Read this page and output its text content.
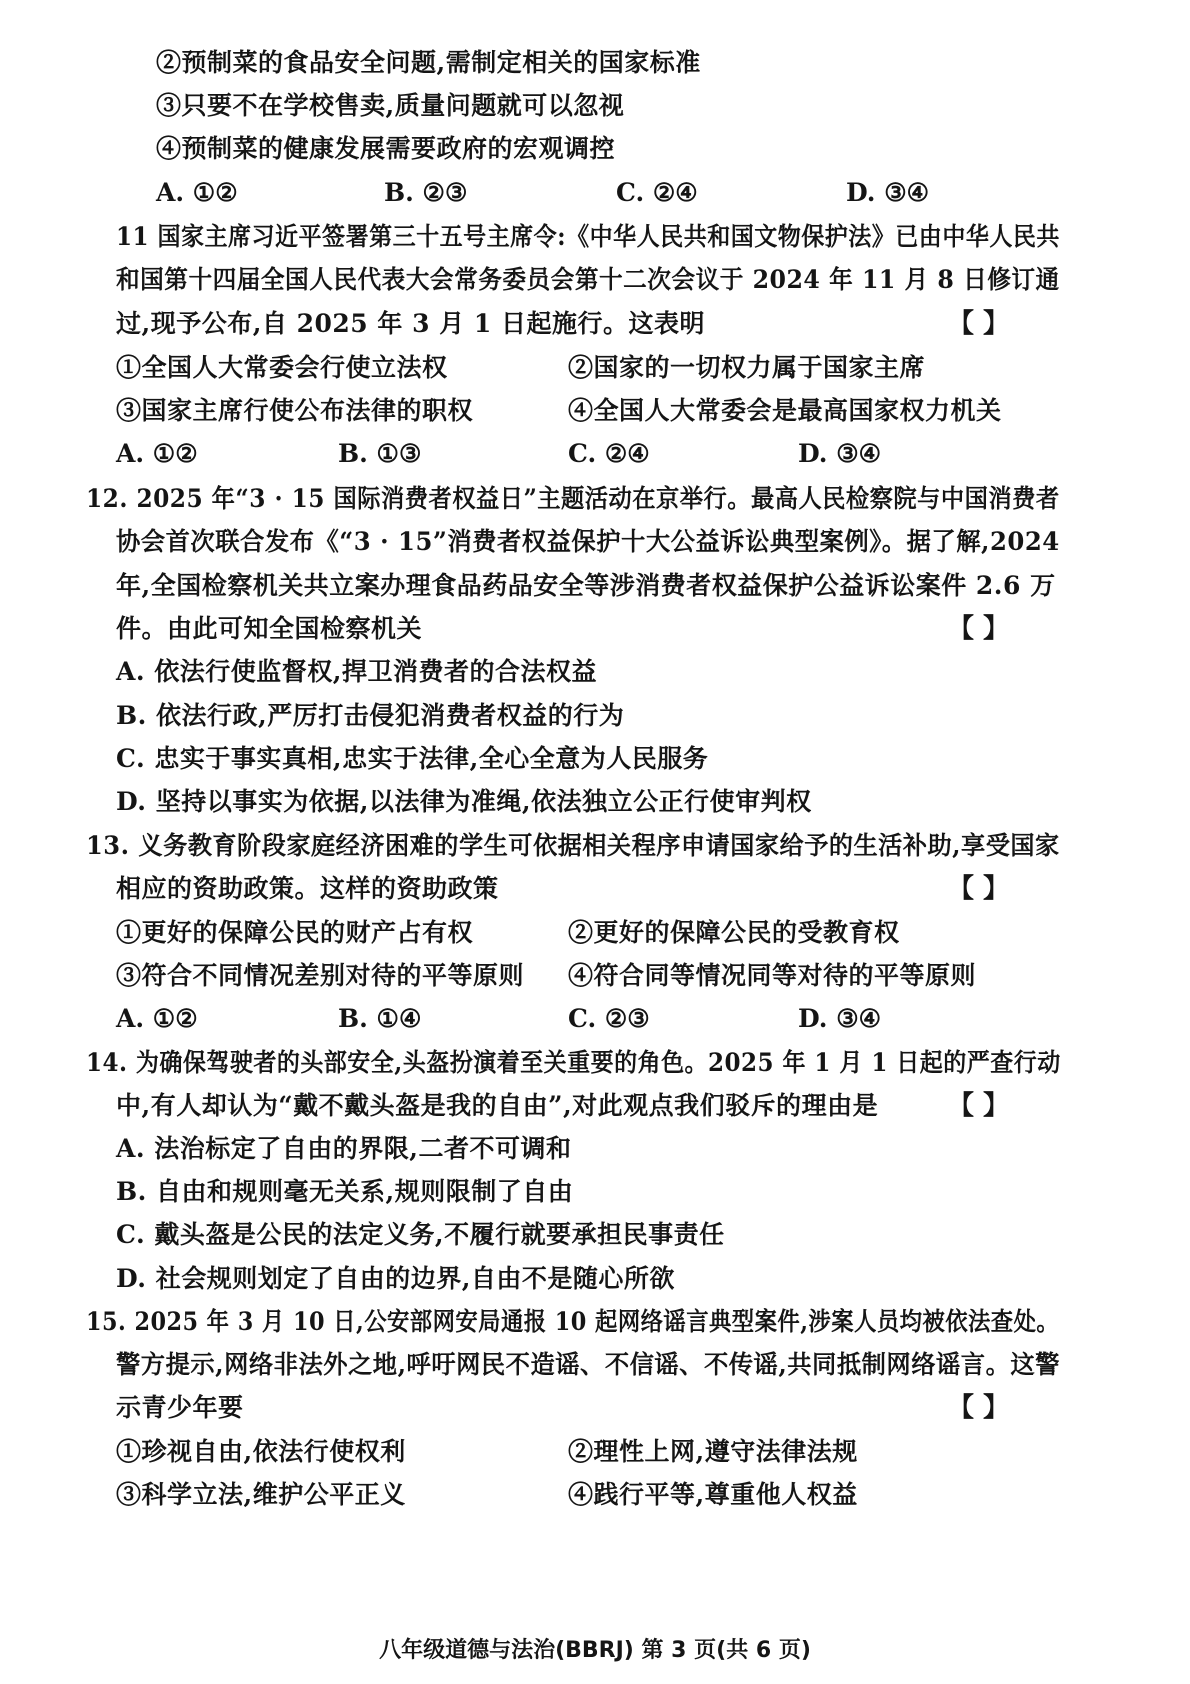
②预制菜的食品安全问题,需制定相关的国家标准
③只要不在学校售卖,质量问题就可以忽视
④预制菜的健康发展需要政府的宏观调控
A. ①②	B. ②③	C. ②④	D. ③④
11 国家主席习近平签署第三十五号主席令:《中华人民共和国文物保护法》已由中华人民共
和国第十四届全国人民代表大会常务委员会第十二次会议于 2024 年 11 月 8 日修订通
过,现予公布,自 2025 年 3 月 1 日起施行。这表明	【 】
①全国人大常委会行使立法权	②国家的一切权力属于国家主席
③国家主席行使公布法律的职权	④全国人大常委会是最高国家权力机关
A. ①②	B. ①③	C. ②④	D. ③④
12. 2025 年“3 · 15 国际消费者权益日”主题活动在京举行。最高人民检察院与中国消费者
协会首次联合发布《“3 · 15”消费者权益保护十大公益诉讼典型案例》。据了解,2024
年,全国检察机关共立案办理食品药品安全等涉消费者权益保护公益诉讼案件 2.6 万
件。由此可知全国检察机关	【 】
A. 依法行使监督权,捍卫消费者的合法权益
B. 依法行政,严厉打击侵犯消费者权益的行为
C. 忠实于事实真相,忠实于法律,全心全意为人民服务
D. 坚持以事实为依据,以法律为准绳,依法独立公正行使审判权
13. 义务教育阶段家庭经济困难的学生可依据相关程序申请国家给予的生活补助,享受国家
相应的资助政策。这样的资助政策	【 】
①更好的保障公民的财产占有权	②更好的保障公民的受教育权
③符合不同情况差别对待的平等原则 ④符合同等情况同等对待的平等原则
A. ①②	B. ①④	C. ②③	D. ③④
14. 为确保驾驶者的头部安全,头盔扮演着至关重要的角色。2025 年 1 月 1 日起的严查行动
中,有人却认为“戴不戴头盔是我的自由”,对此观点我们驳斥的理由是	【 】
A. 法治标定了自由的界限,二者不可调和
B. 自由和规则毫无关系,规则限制了自由
C. 戴头盔是公民的法定义务,不履行就要承担民事责任
D. 社会规则划定了自由的边界,自由不是随心所欲
15. 2025 年 3 月 10 日,公安部网安局通报 10 起网络谣言典型案件,涉案人员均被依法查处。
警方提示,网络非法外之地,呼吁网民不造谣、不信谣、不传谣,共同抵制网络谣言。这警
示青少年要	【 】
①珍视自由,依法行使权利	②理性上网,遵守法律法规
③科学立法,维护公平正义	④践行平等,尊重他人权益
八年级道德与法治(BBRJ) 第 3 页(共 6 页)
